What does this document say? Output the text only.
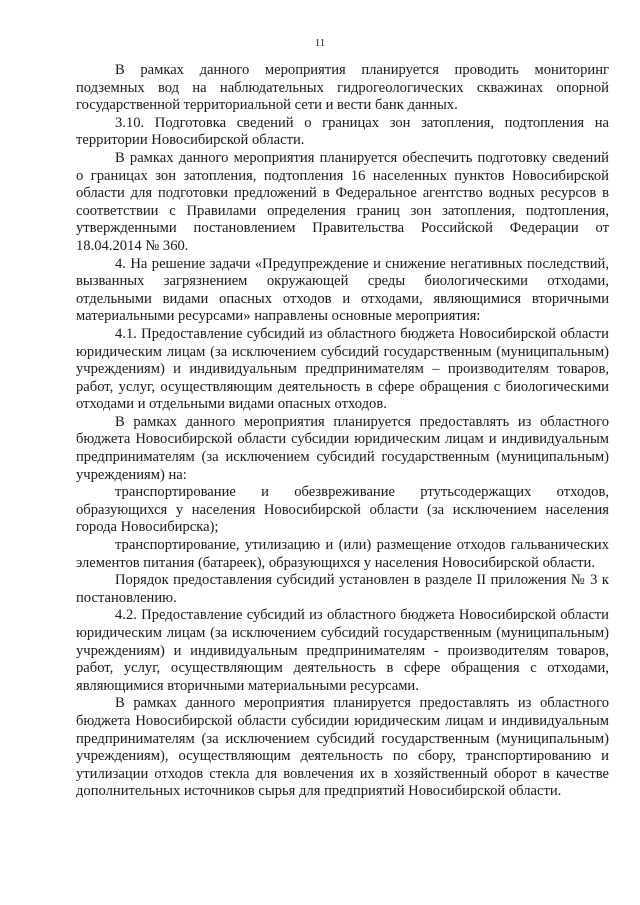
11

В рамках данного мероприятия планируется проводить мониторинг подземных вод на наблюдательных гидрогеологических скважинах опорной государственной территориальной сети и вести банк данных.

3.10. Подготовка сведений о границах зон затопления, подтопления на территории Новосибирской области.

В рамках данного мероприятия планируется обеспечить подготовку сведений о границах зон затопления, подтопления 16 населенных пунктов Новосибирской области для подготовки предложений в Федеральное агентство водных ресурсов в соответствии с Правилами определения границ зон затопления, подтопления, утвержденными постановлением Правительства Российской Федерации от 18.04.2014 № 360.

4. На решение задачи «Предупреждение и снижение негативных последствий, вызванных загрязнением окружающей среды биологическими отходами, отдельными видами опасных отходов и отходами, являющимися вторичными материальными ресурсами» направлены основные мероприятия:

4.1. Предоставление субсидий из областного бюджета Новосибирской области юридическим лицам (за исключением субсидий государственным (муниципальным) учреждениям) и индивидуальным предпринимателям – производителям товаров, работ, услуг, осуществляющим деятельность в сфере обращения с биологическими отходами и отдельными видами опасных отходов.

В рамках данного мероприятия планируется предоставлять из областного бюджета Новосибирской области субсидии юридическим лицам и индивидуальным предпринимателям (за исключением субсидий государственным (муниципальным) учреждениям) на:

транспортирование и обезвреживание ртутьсодержащих отходов, образующихся у населения Новосибирской области (за исключением населения города Новосибирска);

транспортирование, утилизацию и (или) размещение отходов гальванических элементов питания (батареек), образующихся у населения Новосибирской области.

Порядок предоставления субсидий установлен в разделе II приложения № 3 к постановлению.

4.2. Предоставление субсидий из областного бюджета Новосибирской области юридическим лицам (за исключением субсидий государственным (муниципальным) учреждениям) и индивидуальным предпринимателям - производителям товаров, работ, услуг, осуществляющим деятельность в сфере обращения с отходами, являющимися вторичными материальными ресурсами.

В рамках данного мероприятия планируется предоставлять из областного бюджета Новосибирской области субсидии юридическим лицам и индивидуальным предпринимателям (за исключением субсидий государственным (муниципальным) учреждениям), осуществляющим деятельность по сбору, транспортированию и утилизации отходов стекла для вовлечения их в хозяйственный оборот в качестве дополнительных источников сырья для предприятий Новосибирской области.
